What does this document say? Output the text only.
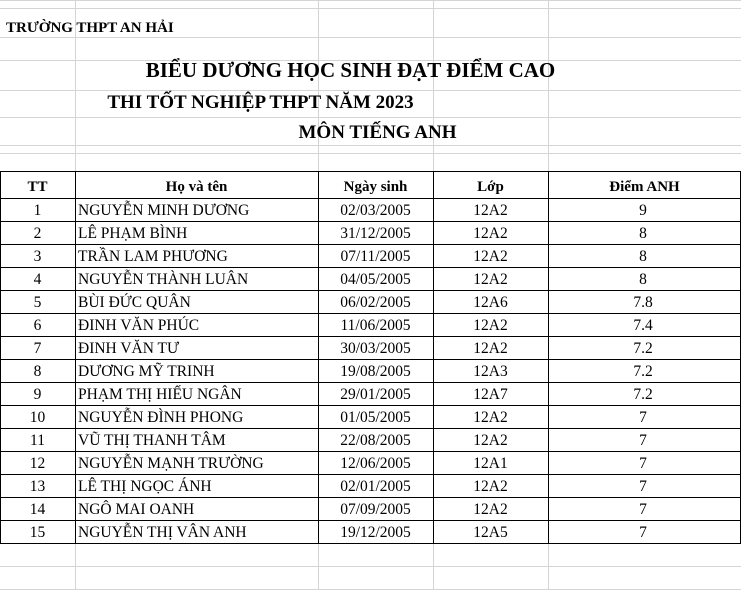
TRƯỜNG THPT AN HẢI
BIỂU DƯƠNG HỌC SINH ĐẠT ĐIỂM CAO
THI TỐT NGHIỆP THPT NĂM 2023
MÔN TIẾNG ANH
TT	Họ và tên	Ngày sinh	Lớp	Điểm ANH
1	NGUYỄN MINH DƯƠNG	02/03/2005	12A2	9
2	LÊ PHẠM BÌNH	31/12/2005	12A2	8
3	TRẦN LAM PHƯƠNG	07/11/2005	12A2	8
4	NGUYỄN THÀNH LUÂN	04/05/2005	12A2	8
5	BÙI ĐỨC QUÂN	06/02/2005	12A6	7.8
6	ĐINH VĂN PHÚC	11/06/2005	12A2	7.4
7	ĐINH VĂN TƯ	30/03/2005	12A2	7.2
8	DƯƠNG MỸ TRINH	19/08/2005	12A3	7.2
9	PHẠM THỊ HIẾU NGÂN	29/01/2005	12A7	7.2
10	NGUYỄN ĐÌNH PHONG	01/05/2005	12A2	7
11	VŨ THỊ THANH TÂM	22/08/2005	12A2	7
12	NGUYỄN MẠNH TRƯỜNG	12/06/2005	12A1	7
13	LÊ THỊ NGỌC ÁNH	02/01/2005	12A2	7
14	NGÔ MAI OANH	07/09/2005	12A2	7
15	NGUYỄN THỊ VÂN ANH	19/12/2005	12A5	7
